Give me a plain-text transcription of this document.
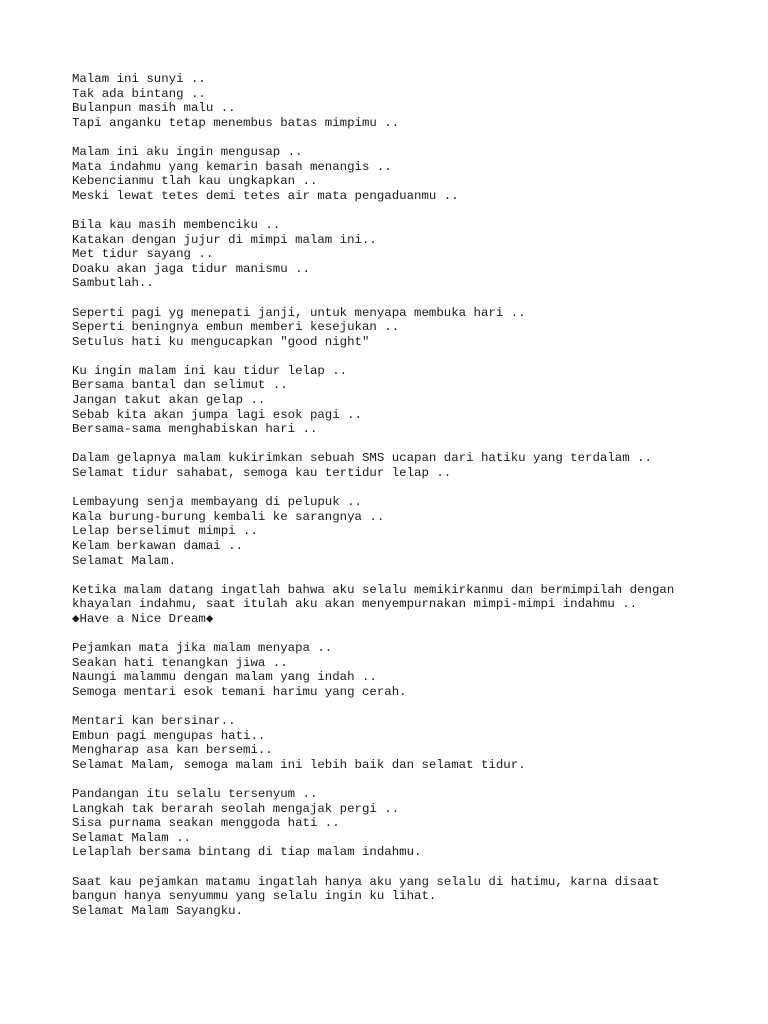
Malam ini sunyi ..
Tak ada bintang ..
Bulanpun masih malu ..
Tapi anganku tetap menembus batas mimpimu ..
Malam ini aku ingin mengusap ..
Mata indahmu yang kemarin basah menangis ..
Kebencianmu tlah kau ungkapkan ..
Meski lewat tetes demi tetes air mata pengaduanmu ..
Bila kau masih membenciku ..
Katakan dengan jujur di mimpi malam ini..
Met tidur sayang ..
Doaku akan jaga tidur manismu ..
Sambutlah..
Seperti pagi yg menepati janji, untuk menyapa membuka hari ..
Seperti beningnya embun memberi kesejukan ..
Setulus hati ku mengucapkan "good night"
Ku ingin malam ini kau tidur lelap ..
Bersama bantal dan selimut ..
Jangan takut akan gelap ..
Sebab kita akan jumpa lagi esok pagi ..
Bersama-sama menghabiskan hari ..
Dalam gelapnya malam kukirimkan sebuah SMS ucapan dari hatiku yang terdalam ..
Selamat tidur sahabat, semoga kau tertidur lelap ..
Lembayung senja membayang di pelupuk ..
Kala burung-burung kembali ke sarangnya ..
Lelap berselimut mimpi ..
Kelam berkawan damai ..
Selamat Malam.
Ketika malam datang ingatlah bahwa aku selalu memikirkanmu dan bermimpilah dengan
khayalan indahmu, saat itulah aku akan menyempurnakan mimpi-mimpi indahmu ..
◆Have a Nice Dream◆
Pejamkan mata jika malam menyapa ..
Seakan hati tenangkan jiwa ..
Naungi malammu dengan malam yang indah ..
Semoga mentari esok temani harimu yang cerah.
Mentari kan bersinar..
Embun pagi mengupas hati..
Mengharap asa kan bersemi..
Selamat Malam, semoga malam ini lebih baik dan selamat tidur.
Pandangan itu selalu tersenyum ..
Langkah tak berarah seolah mengajak pergi ..
Sisa purnama seakan menggoda hati ..
Selamat Malam ..
Lelaplah bersama bintang di tiap malam indahmu.
Saat kau pejamkan matamu ingatlah hanya aku yang selalu di hatimu, karna disaat
bangun hanya senyummu yang selalu ingin ku lihat.
Selamat Malam Sayangku.
